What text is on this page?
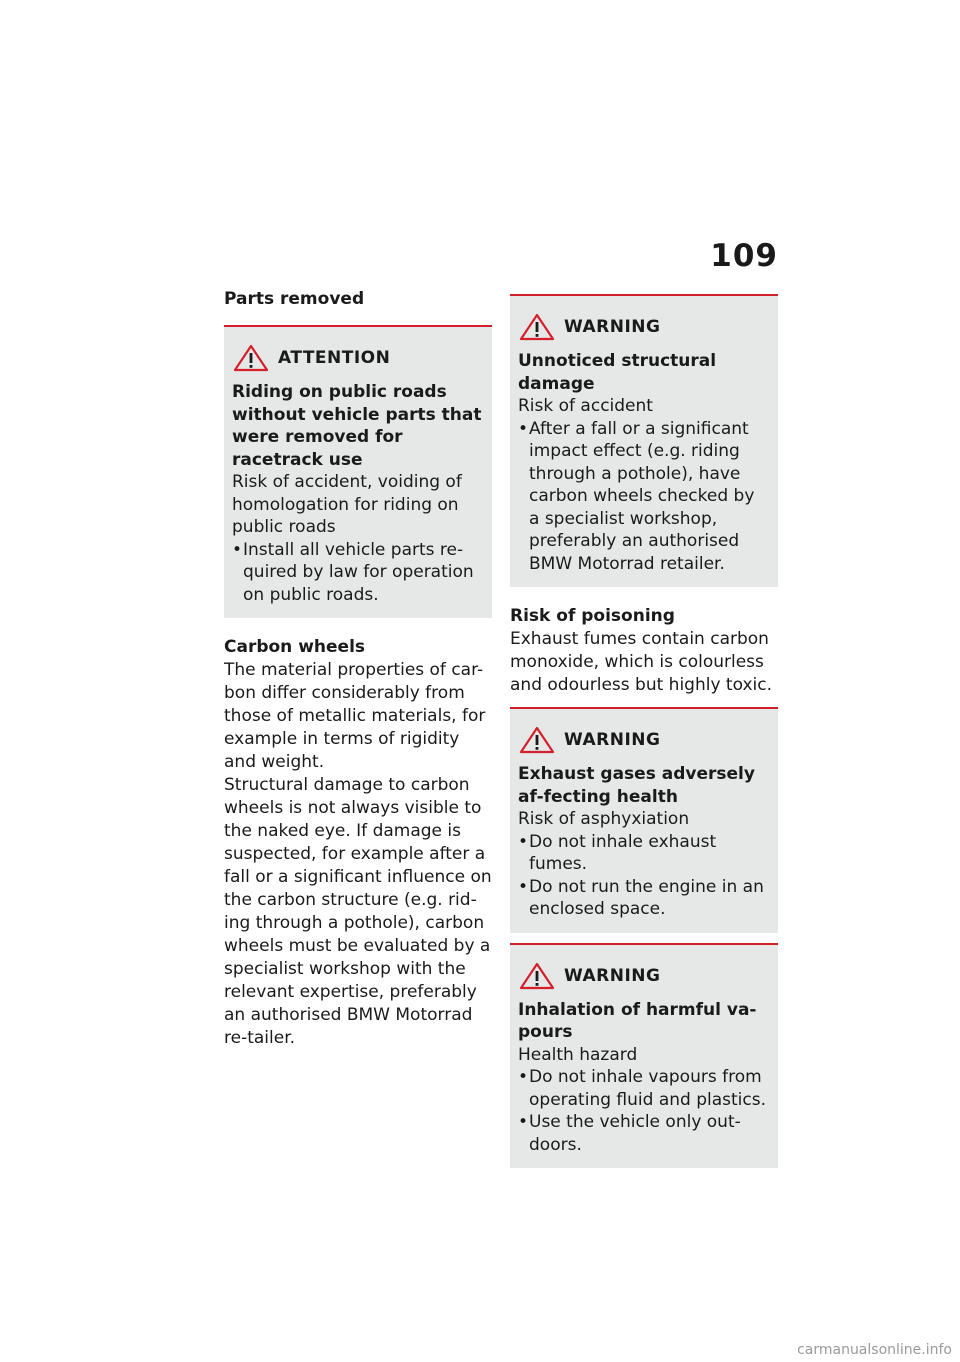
109
Parts removed
ATTENTION
Riding on public roads without vehicle parts that were removed for racetrack use
Risk of accident, voiding of homologation for riding on public roads
• Install all vehicle parts re-quired by law for operation on public roads.
Carbon wheels
The material properties of car-bon differ considerably from those of metallic materials, for example in terms of rigidity and weight.
Structural damage to carbon wheels is not always visible to the naked eye. If damage is suspected, for example after a fall or a significant influence on the carbon structure (e.g. rid-ing through a pothole), carbon wheels must be evaluated by a specialist workshop with the relevant expertise, preferably an authorised BMW Motorrad re-tailer.
WARNING
Unnoticed structural damage
Risk of accident
• After a fall or a significant impact effect (e.g. riding through a pothole), have carbon wheels checked by a specialist workshop, preferably an authorised BMW Motorrad retailer.
Risk of poisoning
Exhaust fumes contain carbon monoxide, which is colourless and odourless but highly toxic.
WARNING
Exhaust gases adversely af-fecting health
Risk of asphyxiation
• Do not inhale exhaust fumes.
• Do not run the engine in an enclosed space.
WARNING
Inhalation of harmful va-pours
Health hazard
• Do not inhale vapours from operating fluid and plastics.
• Use the vehicle only out-doors.
carmanualsonline.info
